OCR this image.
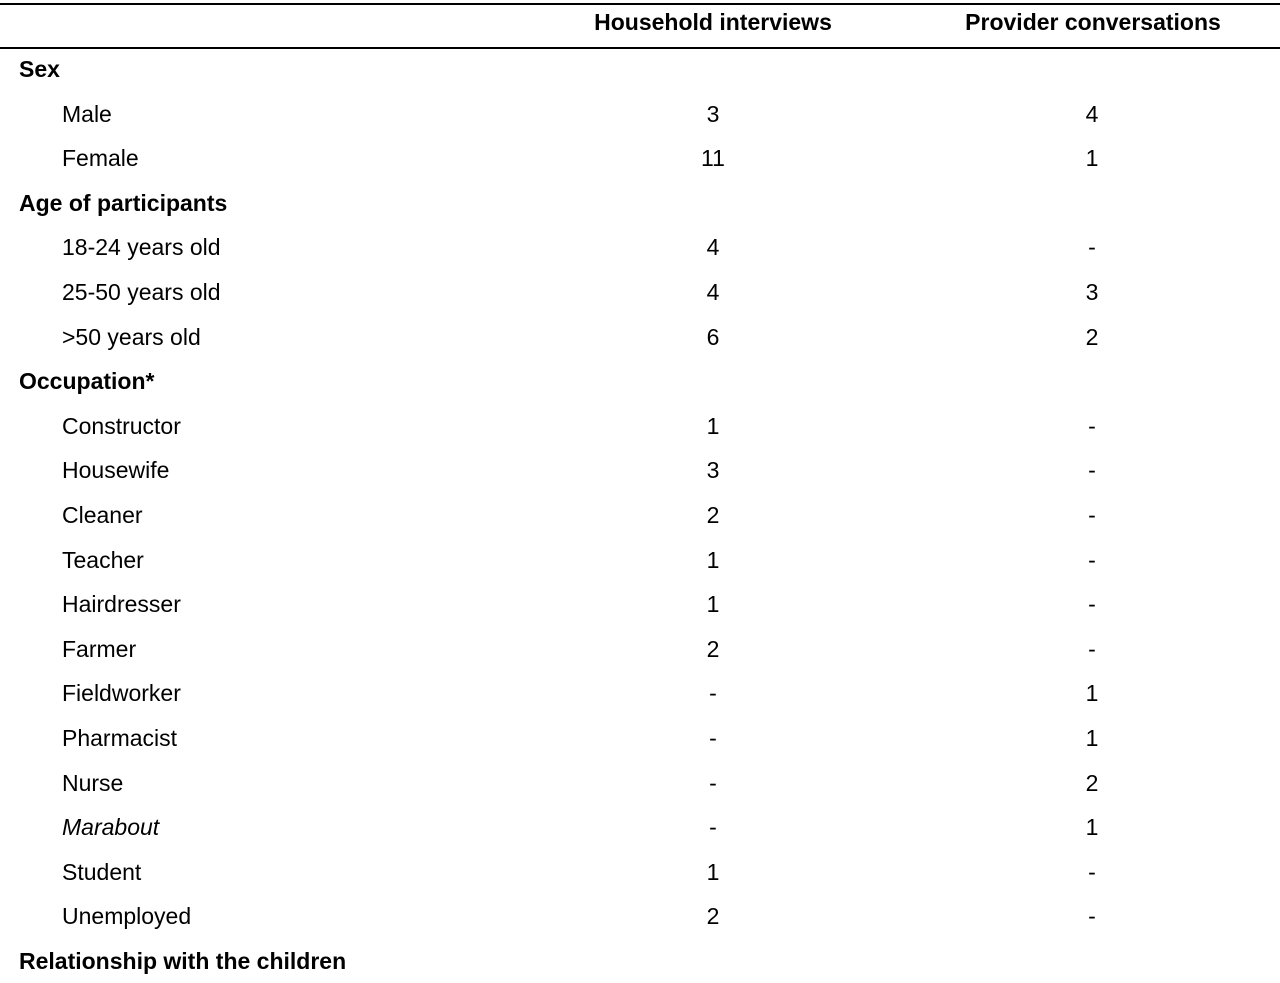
Household interviews	Provider conversations
Sex
Male	3	4
Female	11	1
Age of participants
18-24 years old	4	-
25-50 years old	4	3
>50 years old	6	2
Occupation*
Constructor	1	-
Housewife	3	-
Cleaner	2	-
Teacher	1	-
Hairdresser	1	-
Farmer	2	-
Fieldworker	-	1
Pharmacist	-	1
Nurse	-	2
Marabout	-	1
Student	1	-
Unemployed	2	-
Relationship with the children
